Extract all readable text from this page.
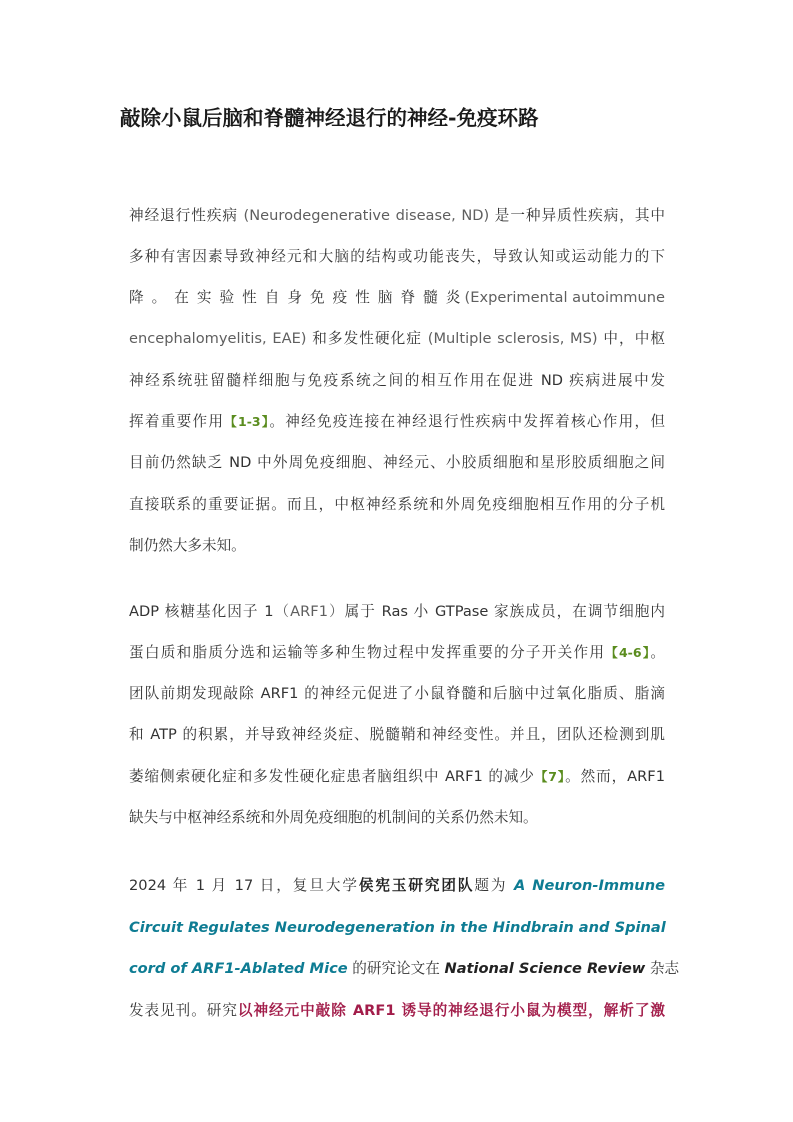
敲除小鼠后脑和脊髓神经退行的神经-免疫环路
神经退行性疾病 (Neurodegenerative disease, ND) 是一种异质性疾病，其中
多种有害因素导致神经元和大脑的结构或功能丧失，导致认知或运动能力的下
降。在实验性自身免疫性脑脊髓炎 (Experimental autoimmune
encephalomyelitis, EAE) 和多发性硬化症 (Multiple sclerosis, MS) 中，中枢
神经系统驻留髓样细胞与免疫系统之间的相互作用在促进 ND 疾病进展中发
挥着重要作用【1-3】。神经免疫连接在神经退行性疾病中发挥着核心作用，但
目前仍然缺乏 ND 中外周免疫细胞、神经元、小胶质细胞和星形胶质细胞之间
直接联系的重要证据。而且，中枢神经系统和外周免疫细胞相互作用的分子机
制仍然大多未知。
ADP 核糖基化因子 1（ARF1）属于 Ras 小 GTPase 家族成员，在调节细胞内
蛋白质和脂质分选和运输等多种生物过程中发挥重要的分子开关作用【4-6】。
团队前期发现敲除 ARF1 的神经元促进了小鼠脊髓和后脑中过氧化脂质、脂滴
和 ATP 的积累，并导致神经炎症、脱髓鞘和神经变性。并且，团队还检测到肌
萎缩侧索硬化症和多发性硬化症患者脑组织中 ARF1 的减少【7】。然而，ARF1
缺失与中枢神经系统和外周免疫细胞的机制间的关系仍然未知。
2024 年 1 月 17 日，复旦大学侯宪玉研究团队题为 A Neuron-Immune
Circuit Regulates Neurodegeneration in the Hindbrain and Spinal
cord of ARF1-Ablated Mice 的研究论文在 National Science Review 杂志
发表见刊。研究以神经元中敲除 ARF1 诱导的神经退行小鼠为模型，解析了激
